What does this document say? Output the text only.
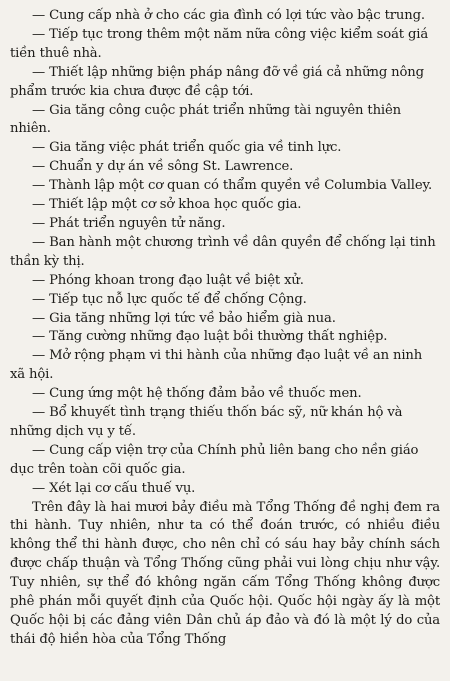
— Cung cấp nhà ở cho các gia đình có lợi tức vào bậc trung.

— Tiếp tục trong thêm một năm nữa công việc kiểm soát giá tiền thuê nhà.

— Thiết lập những biện pháp nâng đỡ về giá cả những nông phẩm trước kia chưa được đề cập tới.

— Gia tăng công cuộc phát triển những tài nguyên thiên nhiên.

— Gia tăng việc phát triển quốc gia về tinh lực.

— Chuẩn y dự án về sông St. Lawrence.

— Thành lập một cơ quan có thẩm quyền về Columbia Valley.

— Thiết lập một cơ sở khoa học quốc gia.

— Phát triển nguyên tử năng.

— Ban hành một chương trình về dân quyền để chống lại tinh thần kỳ thị.

— Phóng khoan trong đạo luật về biệt xử.

— Tiếp tục nỗ lực quốc tế để chống Cộng.

— Gia tăng những lợi tức về bảo hiểm già nua.

— Tăng cường những đạo luật bồi thường thất nghiệp.

— Mở rộng phạm vi thi hành của những đạo luật về an ninh xã hội.

— Cung ứng một hệ thống đảm bảo về thuốc men.

— Bổ khuyết tình trạng thiếu thốn bác sỹ, nữ khán hộ và những dịch vụ y tế.

— Cung cấp viện trợ của Chính phủ liên bang cho nền giáo dục trên toàn cõi quốc gia.

— Xét lại cơ cấu thuế vụ.

Trên đây là hai mươi bảy điều mà Tổng Thống đề nghị đem ra thi hành. Tuy nhiên, như ta có thể đoán trước, có nhiều điều không thể thi hành được, cho nên chỉ có sáu hay bảy chính sách được chấp thuận và Tổng Thống cũng phải vui lòng chịu như vậy. Tuy nhiên, sự thể đó không ngăn cấm Tổng Thống không được phê phán mỗi quyết định của Quốc hội. Quốc hội ngày ấy là một Quốc hội bị các đảng viên Dân chủ áp đảo và đó là một lý do của thái độ hiền hòa của Tổng Thống
